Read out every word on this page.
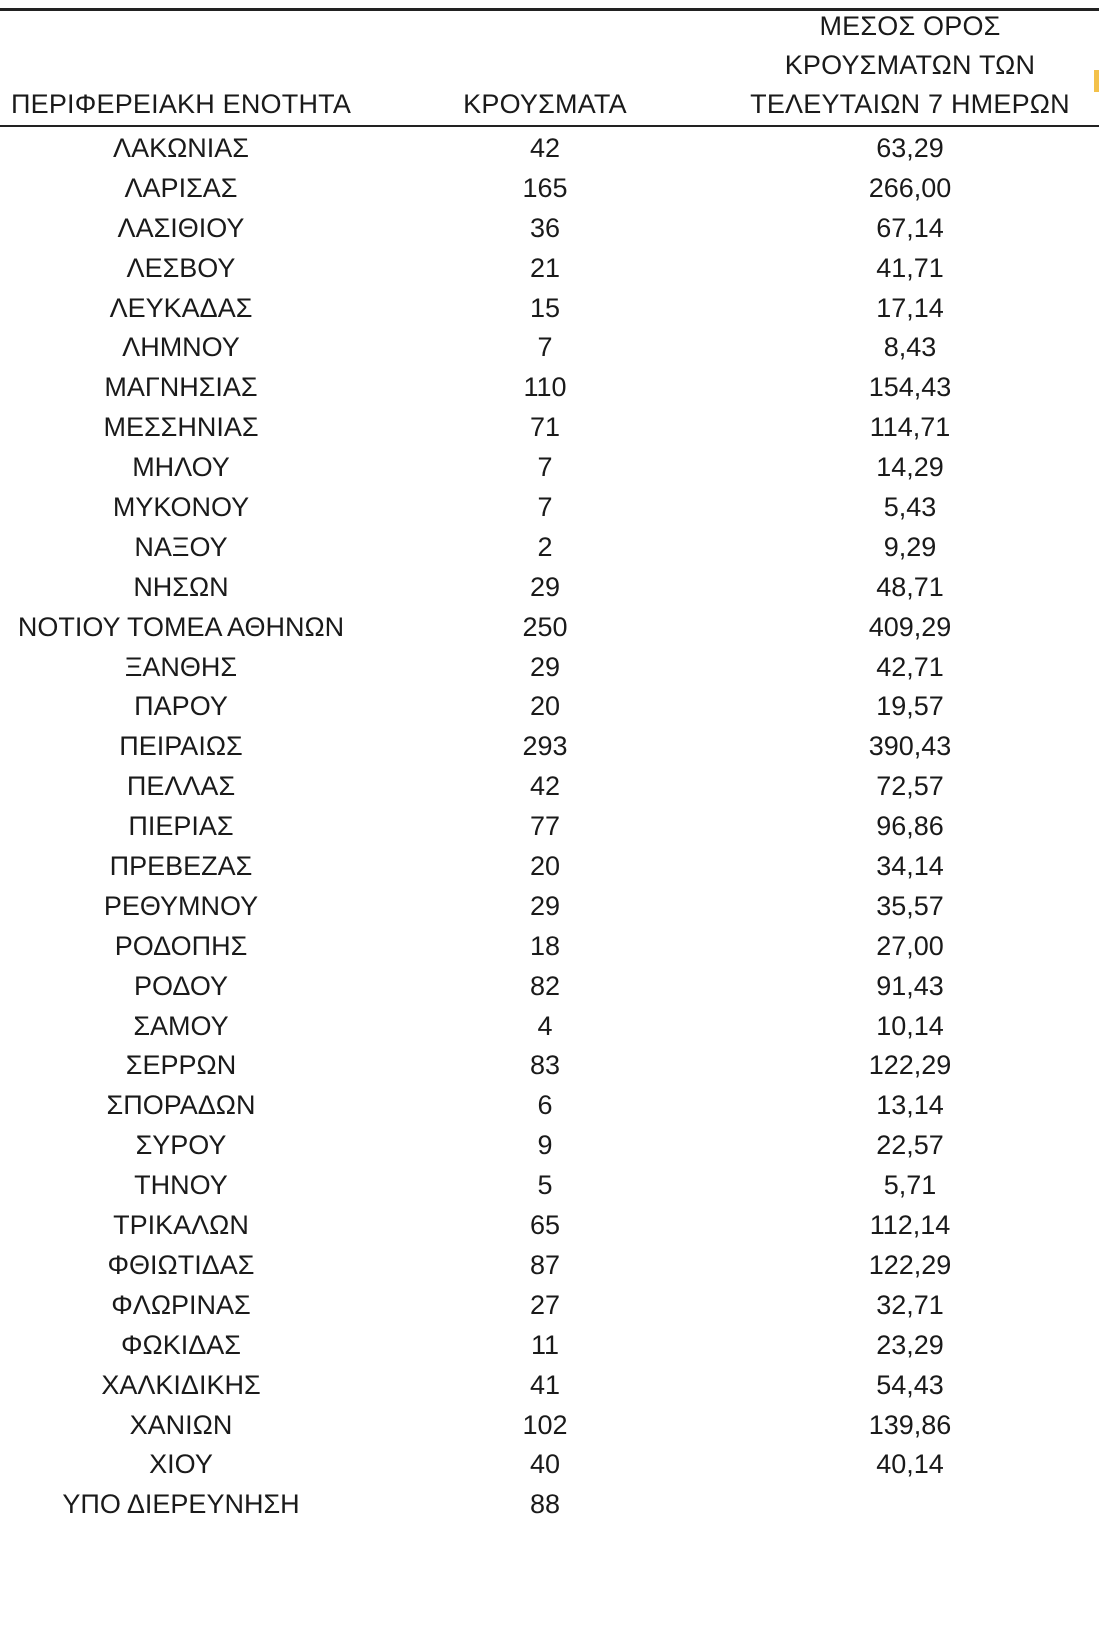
ΠΕΡΙΦΕΡΕΙΑΚΗ ΕΝΟΤΗΤΑ	ΚΡΟΥΣΜΑΤΑ
ΜΕΣΟΣ ΟΡΟΣ
ΚΡΟΥΣΜΑΤΩΝ ΤΩΝ
ΤΕΛΕΥΤΑΙΩΝ 7 ΗΜΕΡΩΝ
ΛΑΚΩΝΙΑΣ	42	63,29
ΛΑΡΙΣΑΣ	165	266,00
ΛΑΣΙΘΙΟΥ	36	67,14
ΛΕΣΒΟΥ	21	41,71
ΛΕΥΚΑΔΑΣ	15	17,14
ΛΗΜΝΟΥ	7	8,43
ΜΑΓΝΗΣΙΑΣ	110	154,43
ΜΕΣΣΗΝΙΑΣ	71	114,71
ΜΗΛΟΥ	7	14,29
ΜΥΚΟΝΟΥ	7	5,43
ΝΑΞΟΥ	2	9,29
ΝΗΣΩΝ	29	48,71
ΝΟΤΙΟΥ ΤΟΜΕΑ ΑΘΗΝΩΝ	250	409,29
ΞΑΝΘΗΣ	29	42,71
ΠΑΡΟΥ	20	19,57
ΠΕΙΡΑΙΩΣ	293	390,43
ΠΕΛΛΑΣ	42	72,57
ΠΙΕΡΙΑΣ	77	96,86
ΠΡΕΒΕΖΑΣ	20	34,14
ΡΕΘΥΜΝΟΥ	29	35,57
ΡΟΔΟΠΗΣ	18	27,00
ΡΟΔΟΥ	82	91,43
ΣΑΜΟΥ	4	10,14
ΣΕΡΡΩΝ	83	122,29
ΣΠΟΡΑΔΩΝ	6	13,14
ΣΥΡΟΥ	9	22,57
ΤΗΝΟΥ	5	5,71
ΤΡΙΚΑΛΩΝ	65	112,14
ΦΘΙΩΤΙΔΑΣ	87	122,29
ΦΛΩΡΙΝΑΣ	27	32,71
ΦΩΚΙΔΑΣ	11	23,29
ΧΑΛΚΙΔΙΚΗΣ	41	54,43
ΧΑΝΙΩΝ	102	139,86
ΧΙΟΥ	40	40,14
ΥΠΟ ΔΙΕΡΕΥΝΗΣΗ	88
